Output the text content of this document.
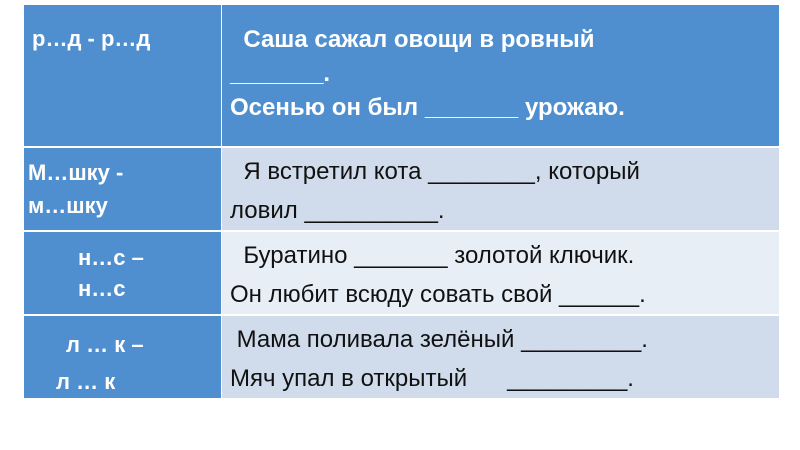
р…д - р…д	Саша сажал овощи в ровный
_______.
Осенью он был _______ урожаю.
М…шку -
м…шку
Я встретил кота ________, который
ловил __________.
н…с –
н…с
Буратино _______ золотой ключик.
Он любит всюду совать свой ______.
л … к –
л … к
Мама поливала зелёный _________.
Мяч упал в открытый      _________.
